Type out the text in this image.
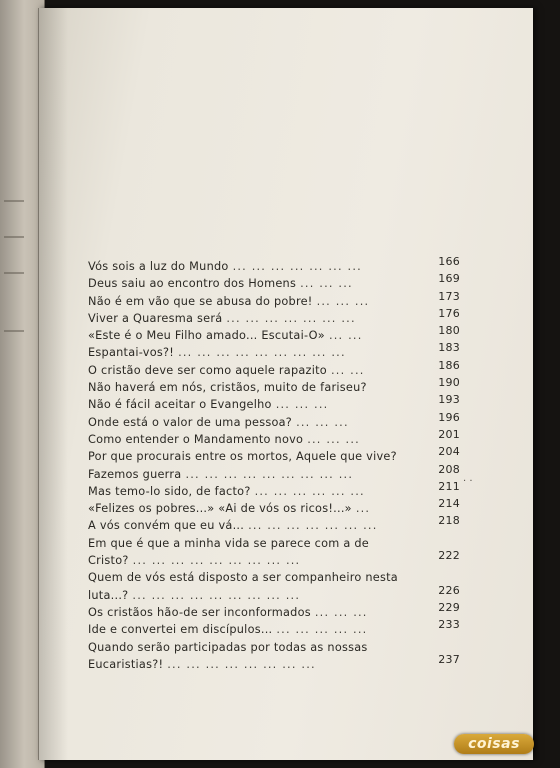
Vós sois a luz do Mundo ... ... ... ... ... ... ...	166
Deus saiu ao encontro dos Homens ... ... ...	169
Não é em vão que se abusa do pobre! ... ... ...	173
Viver a Quaresma será ... ... ... ... ... ... ...	176
«Este é o Meu Filho amado... Escutai-O» ... ...	180
Espantai-vos?! ... ... ... ... ... ... ... ... ...	183
O cristão deve ser como aquele rapazito ... ...	186
Não haverá em nós, cristãos, muito de fariseu?	190
Não é fácil aceitar o Evangelho ... ... ...	193
Onde está o valor de uma pessoa? ... ... ...	196
Como entender o Mandamento novo ... ... ...	201
Por que procurais entre os mortos, Aquele que vive?	204
Fazemos guerra ... ... ... ... ... ... ... ... ...	208
Mas temo-lo sido, de facto? ... ... ... ... ... ...	211
«Felizes os pobres...» «Ai de vós os ricos!...» ...	214
A vós convém que eu vá... ... ... ... ... ... ... ...	218
Em que é que a minha vida se parece com a de
Cristo? ... ... ... ... ... ... ... ... ...	222
Quem de vós está disposto a ser companheiro nesta
luta...? ... ... ... ... ... ... ... ... ...	226
Os cristãos hão-de ser inconformados ... ... ...	229
Ide e convertei em discípulos... ... ... ... ... ...	233
Quando serão participadas por todas as nossas
Eucaristias?! ... ... ... ... ... ... ... ...	237
· ·
coisas
